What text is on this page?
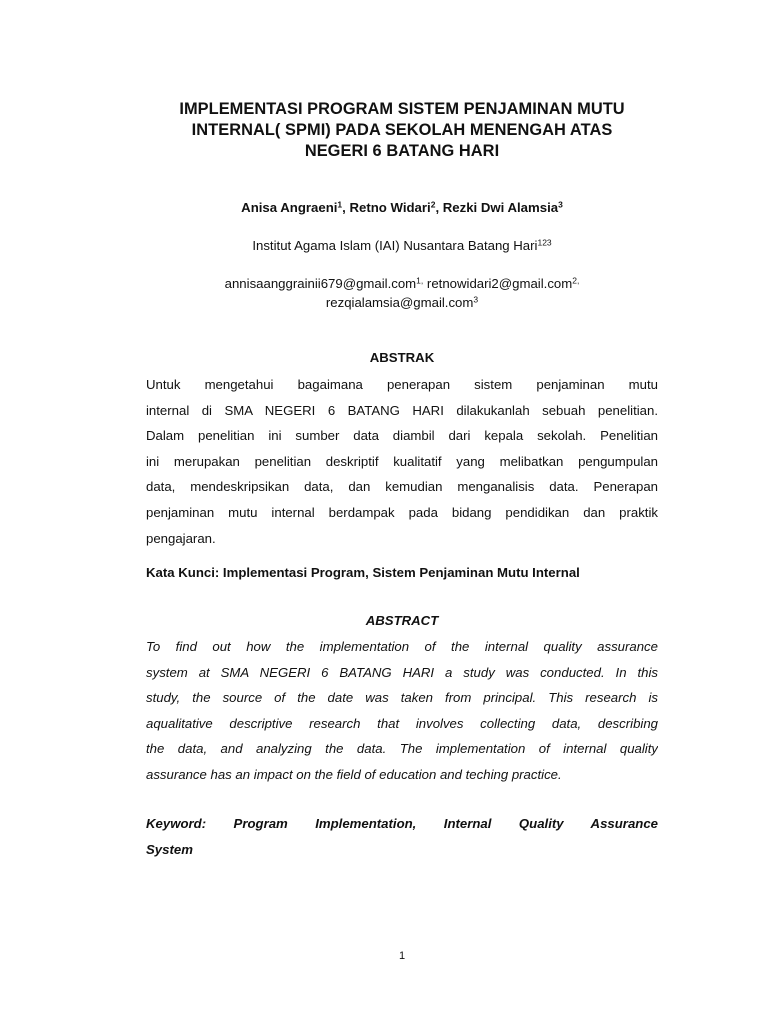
IMPLEMENTASI PROGRAM SISTEM PENJAMINAN MUTU
INTERNAL( SPMI) PADA SEKOLAH MENENGAH ATAS
NEGERI 6 BATANG HARI
Anisa Angraeni$^1$, Retno Widari$^2$, Rezki Dwi Alamsia$^3$
Institut Agama Islam (IAI) Nusantara Batang Hari$^{123}$
annisaanggrainii679@gmail.com$^{1,}$ retnowidari2@gmail.com$^{2,}$
rezqialamsia@gmail.com$^3$
ABSTRAK
Untuk mengetahui bagaimana penerapan sistem penjaminan mutu
internal di SMA NEGERI 6 BATANG HARI dilakukanlah sebuah penelitian.
Dalam penelitian ini sumber data diambil dari kepala sekolah. Penelitian
ini merupakan penelitian deskriptif kualitatif yang melibatkan pengumpulan
data, mendeskripsikan data, dan kemudian menganalisis data. Penerapan
penjaminan mutu internal berdampak pada bidang pendidikan dan praktik
pengajaran.
Kata Kunci: Implementasi Program, Sistem Penjaminan Mutu Internal
ABSTRACT
To find out how the implementation of the internal quality assurance
system at SMA NEGERI 6 BATANG HARI a study was conducted. In this
study, the source of the date was taken from principal. This research is
aqualitative descriptive research that involves collecting data, describing
the data, and analyzing the data. The implementation of internal quality
assurance has an impact on the field of education and teching practice.
Keyword: Program Implementation, Internal Quality Assurance
System
1
